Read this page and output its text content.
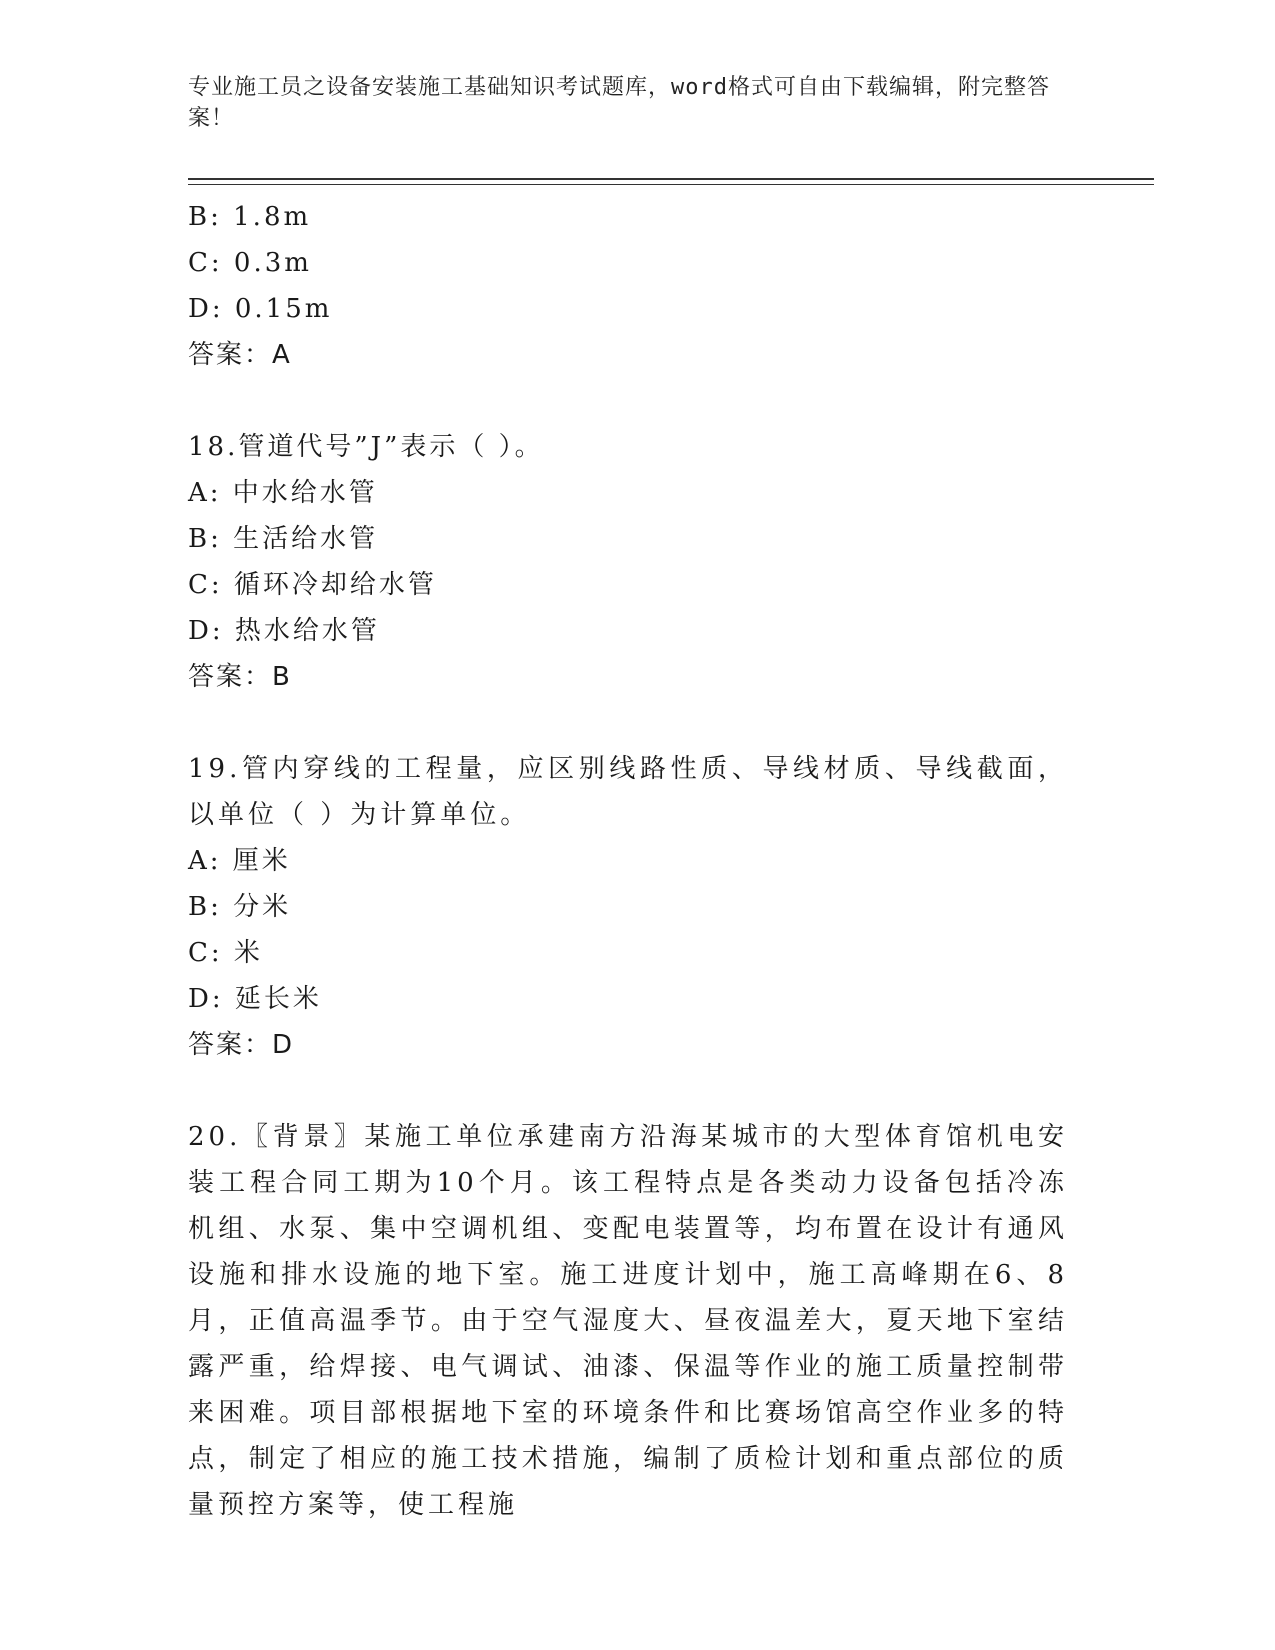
专业施工员之设备安装施工基础知识考试题库，word格式可自由下载编辑，附完整答案！
B: 1.8m
C: 0.3m
D: 0.15m
答案：A
18.管道代号”J”表示（ ）。
A: 中水给水管
B: 生活给水管
C: 循环冷却给水管
D: 热水给水管
答案：B
19.管内穿线的工程量，应区别线路性质、导线材质、导线截面，以单位（ ）为计算单位。
A: 厘米
B: 分米
C: 米
D: 延长米
答案：D
20.〖背景〗某施工单位承建南方沿海某城市的大型体育馆机电安装工程合同工期为10个月。该工程特点是各类动力设备包括冷冻机组、水泵、集中空调机组、变配电装置等，均布置在设计有通风设施和排水设施的地下室。施工进度计划中，施工高峰期在6、8月，正值高温季节。由于空气湿度大、昼夜温差大，夏天地下室结露严重，给焊接、电气调试、油漆、保温等作业的施工质量控制带来困难。项目部根据地下室的环境条件和比赛场馆高空作业多的特点，制定了相应的施工技术措施，编制了质检计划和重点部位的质量预控方案等，使工程施
